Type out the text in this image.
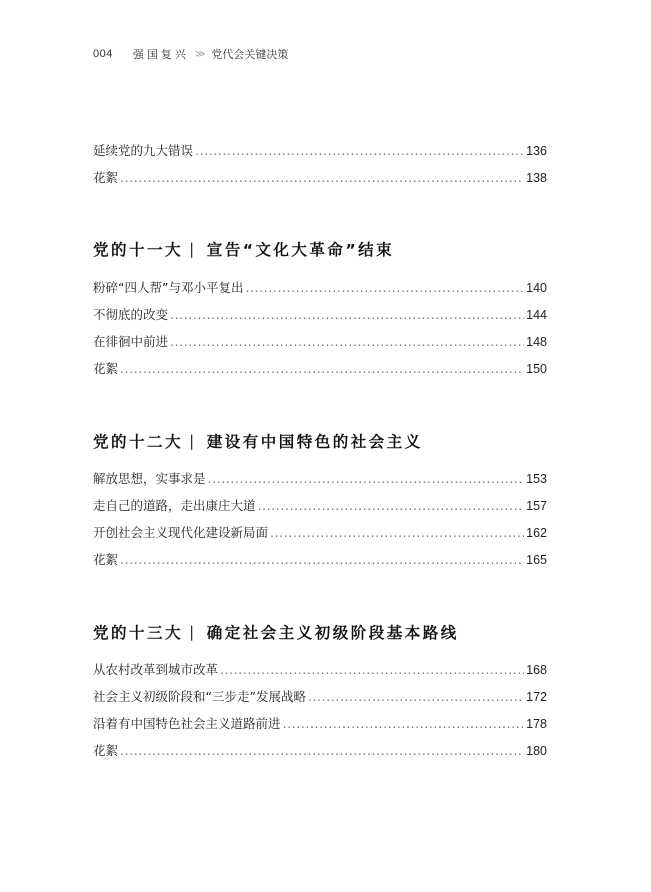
004 强国复兴 ≫ 党代会关键决策
延续党的九大错误 .....	136
花絮 .....	138
党的十一大 | 宣告“文化大革命”结束
粉碎“四人帮”与邓小平复出 .....	140
不彻底的改变 .....	144
在徘徊中前进 .....	148
花絮 .....	150
党的十二大 | 建设有中国特色的社会主义
解放思想，实事求是 .....	153
走自己的道路，走出康庄大道 .....	157
开创社会主义现代化建设新局面 .....	162
花絮 .....	165
党的十三大 | 确定社会主义初级阶段基本路线
从农村改革到城市改革 .....	168
社会主义初级阶段和“三步走”发展战略 .....	172
沿着有中国特色社会主义道路前进 .....	178
花絮 .....	180
